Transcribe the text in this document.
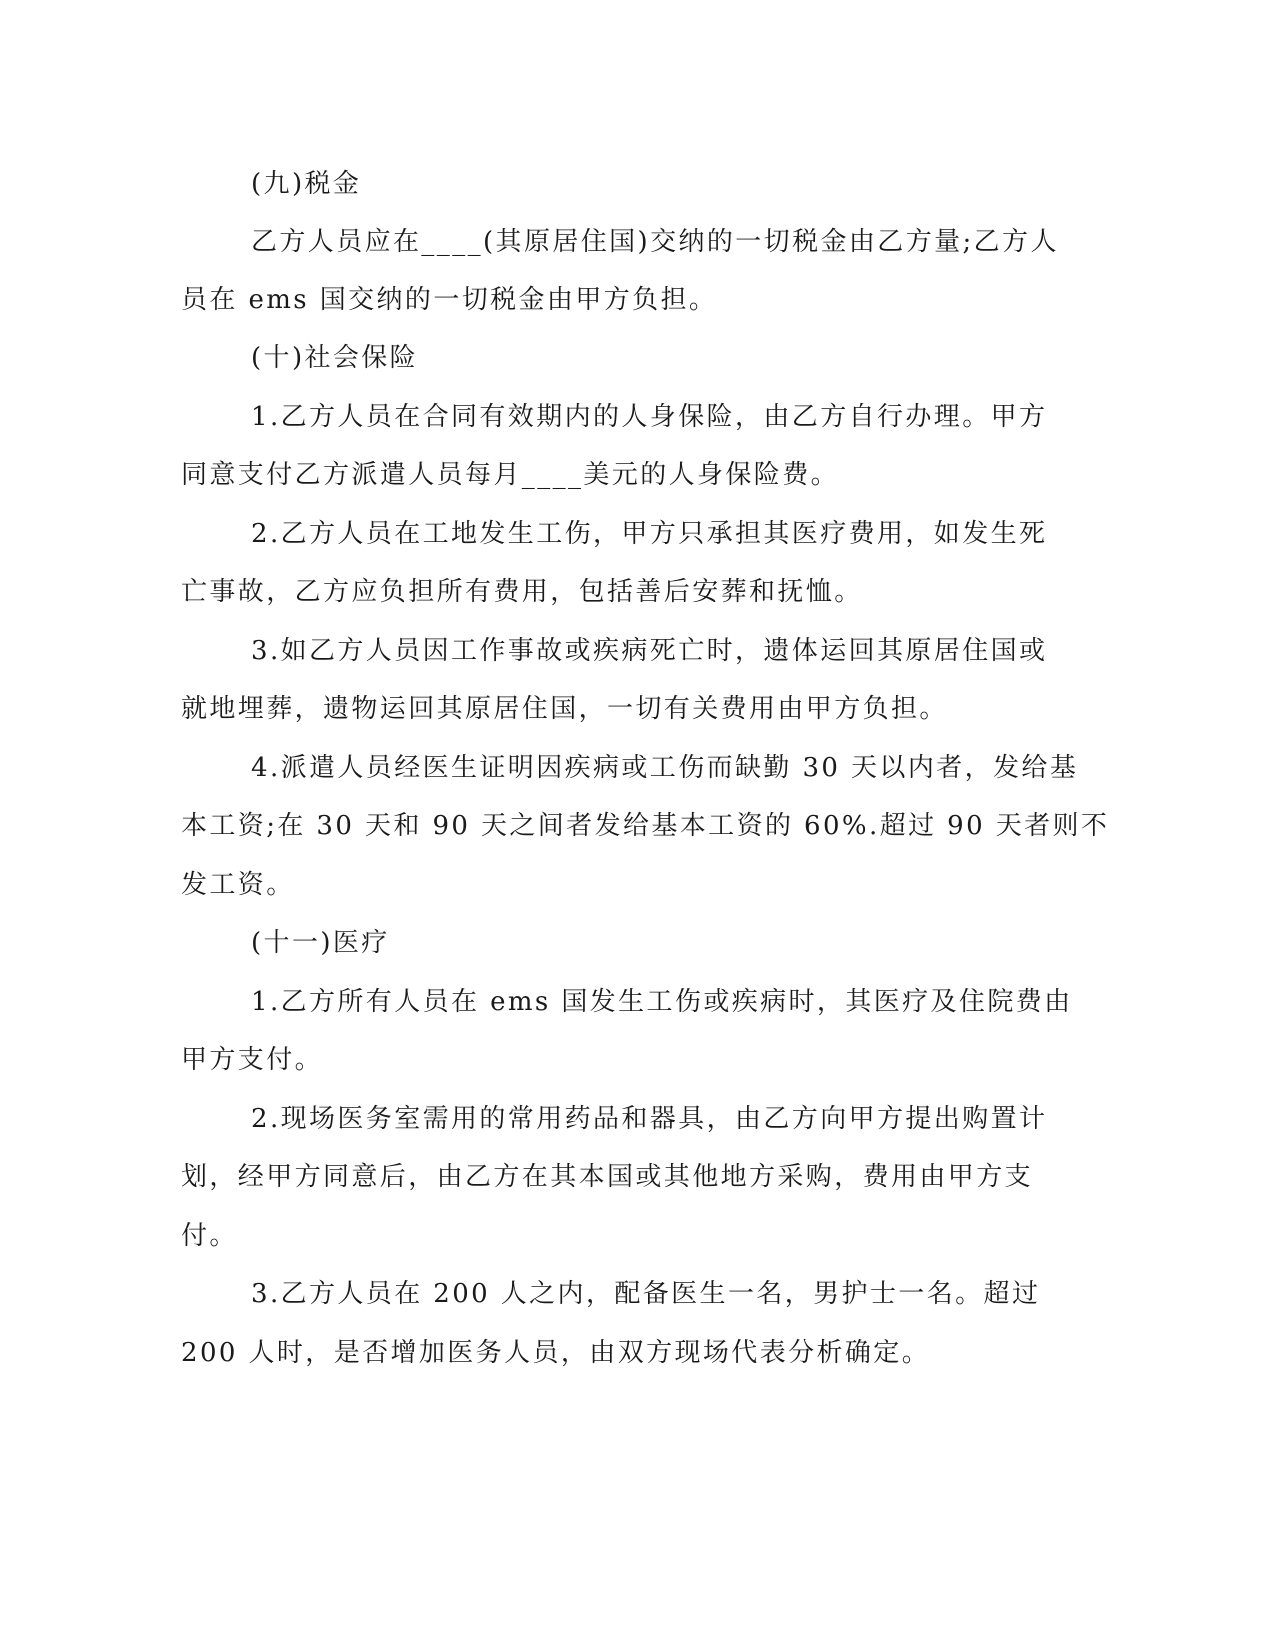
(九)税金
乙方人员应在____(其原居住国)交纳的一切税金由乙方量;乙方人
员在 ems 国交纳的一切税金由甲方负担。
(十)社会保险
1.乙方人员在合同有效期内的人身保险，由乙方自行办理。甲方
同意支付乙方派遣人员每月____美元的人身保险费。
2.乙方人员在工地发生工伤，甲方只承担其医疗费用，如发生死
亡事故，乙方应负担所有费用，包括善后安葬和抚恤。
3.如乙方人员因工作事故或疾病死亡时，遗体运回其原居住国或
就地埋葬，遗物运回其原居住国，一切有关费用由甲方负担。
4.派遣人员经医生证明因疾病或工伤而缺勤 30 天以内者，发给基
本工资;在 30 天和 90 天之间者发给基本工资的 60%.超过 90 天者则不
发工资。
(十一)医疗
1.乙方所有人员在 ems 国发生工伤或疾病时，其医疗及住院费由
甲方支付。
2.现场医务室需用的常用药品和器具，由乙方向甲方提出购置计
划，经甲方同意后，由乙方在其本国或其他地方采购，费用由甲方支
付。
3.乙方人员在 200 人之内，配备医生一名，男护士一名。超过
200 人时，是否增加医务人员，由双方现场代表分析确定。
